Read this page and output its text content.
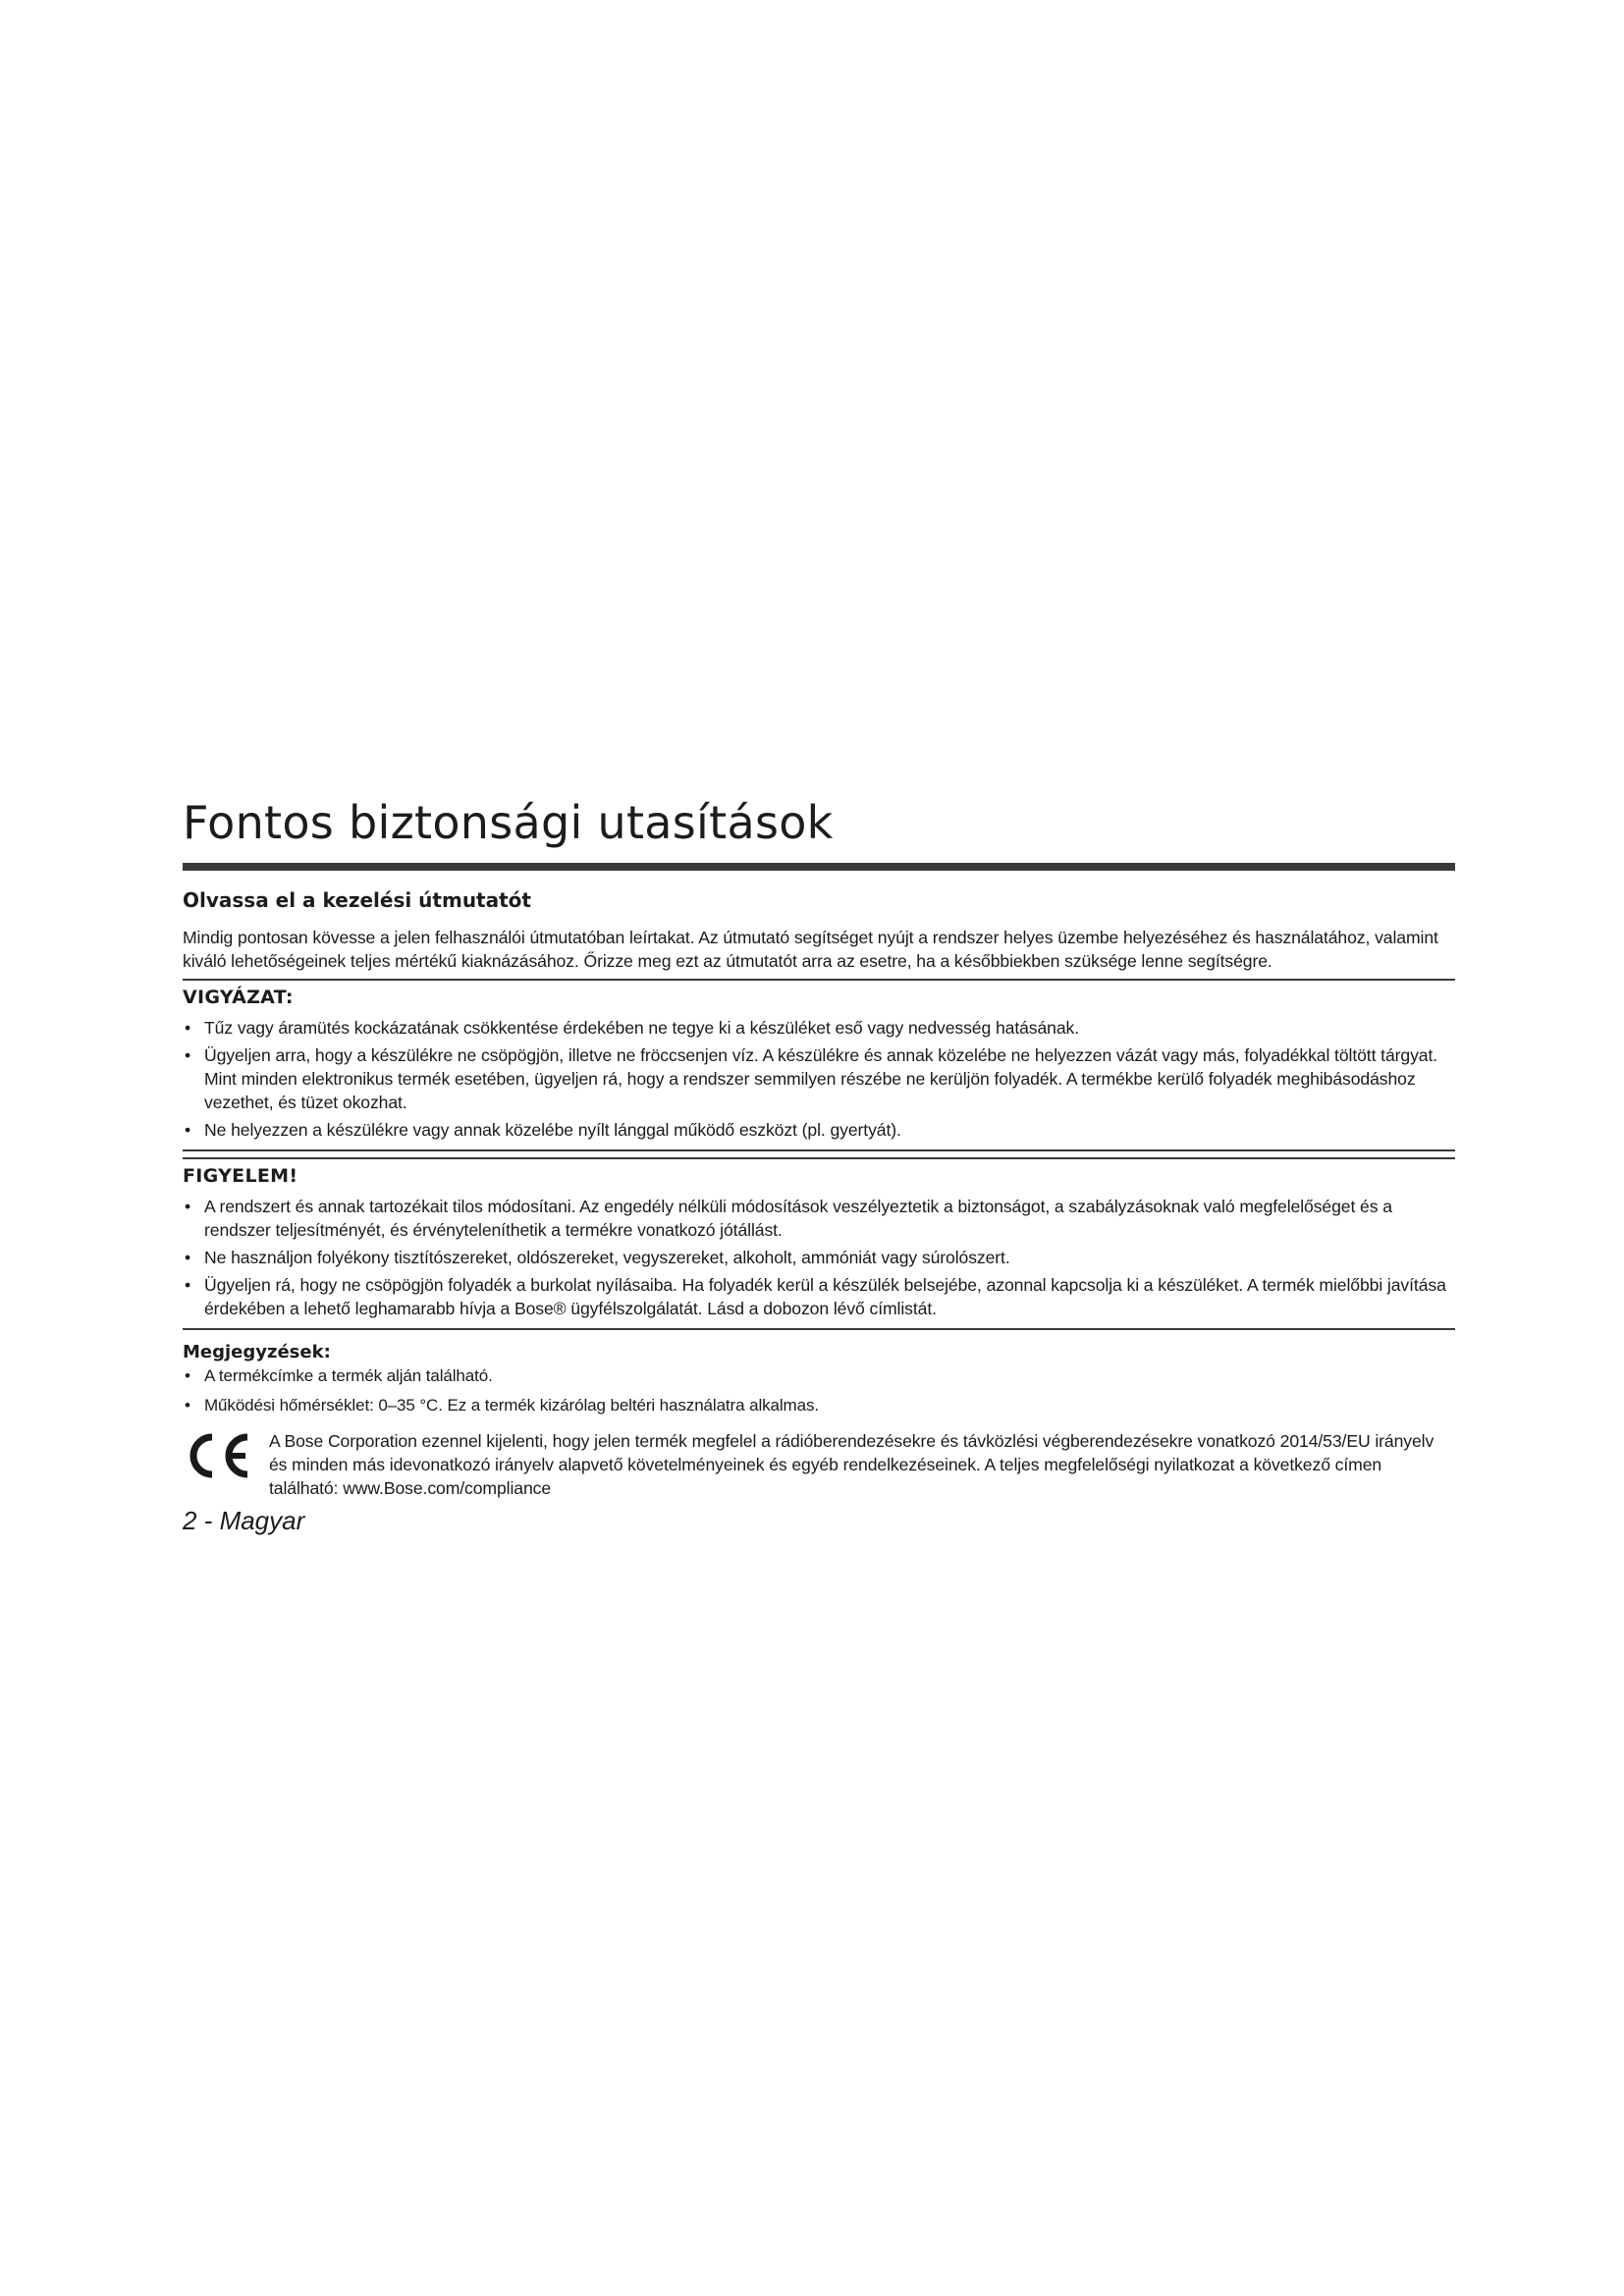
Fontos biztonsági utasítások
Olvassa el a kezelési útmutatót

Mindig pontosan kövesse a jelen felhasználói útmutatóban leírtakat. Az útmutató segítséget nyújt a rendszer helyes üzembe helyezéséhez és használatához, valamint kiváló lehetőségeinek teljes mértékű kiaknázásához. Őrizze meg ezt az útmutatót arra az esetre, ha a későbbiekben szüksége lenne segítségre.

VIGYÁZAT:
• Tűz vagy áramütés kockázatának csökkentése érdekében ne tegye ki a készüléket eső vagy nedvesség hatásának.
• Ügyeljen arra, hogy a készülékre ne csöpögjön, illetve ne fröccsenjen víz. A készülékre és annak közelébe ne helyezzen vázát vagy más, folyadékkal töltött tárgyat. Mint minden elektronikus termék esetében, ügyeljen rá, hogy a rendszer semmilyen részébe ne kerüljön folyadék. A termékbe kerülő folyadék meghibásodáshoz vezethet, és tüzet okozhat.
• Ne helyezzen a készülékre vagy annak közelébe nyílt lánggal működő eszközt (pl. gyertyát).
FIGYELEM!
• A rendszert és annak tartozékait tilos módosítani. Az engedély nélküli módosítások veszélyeztetik a biztonságot, a szabályzásoknak való megfelelőséget és a rendszer teljesítményét, és érvényteleníthetik a termékre vonatkozó jótállást.
• Ne használjon folyékony tisztítószereket, oldószereket, vegyszereket, alkoholt, ammóniát vagy súrolószert.
• Ügyeljen rá, hogy ne csöpögjön folyadék a burkolat nyílásaiba. Ha folyadék kerül a készülék belsejébe, azonnal kapcsolja ki a készüléket. A termék mielőbbi javítása érdekében a lehető leghamarabb hívja a Bose® ügyfélszolgálatát. Lásd a dobozon lévő címlistát.
Megjegyzések:
• A termékcímke a termék alján található.
• Működési hőmérséklet: 0–35 °C. Ez a termék kizárólag beltéri használatra alkalmas.
A Bose Corporation ezennel kijelenti, hogy jelen termék megfelel a rádióberendezésekre és távközlési végberendezésekre vonatkozó 2014/53/EU irányelv és minden más idevonatkozó irányelv alapvető követelményeinek és egyéb rendelkezéseinek. A teljes megfelelőségi nyilatkozat a következő címen található: www.Bose.com/compliance
2 - Magyar
